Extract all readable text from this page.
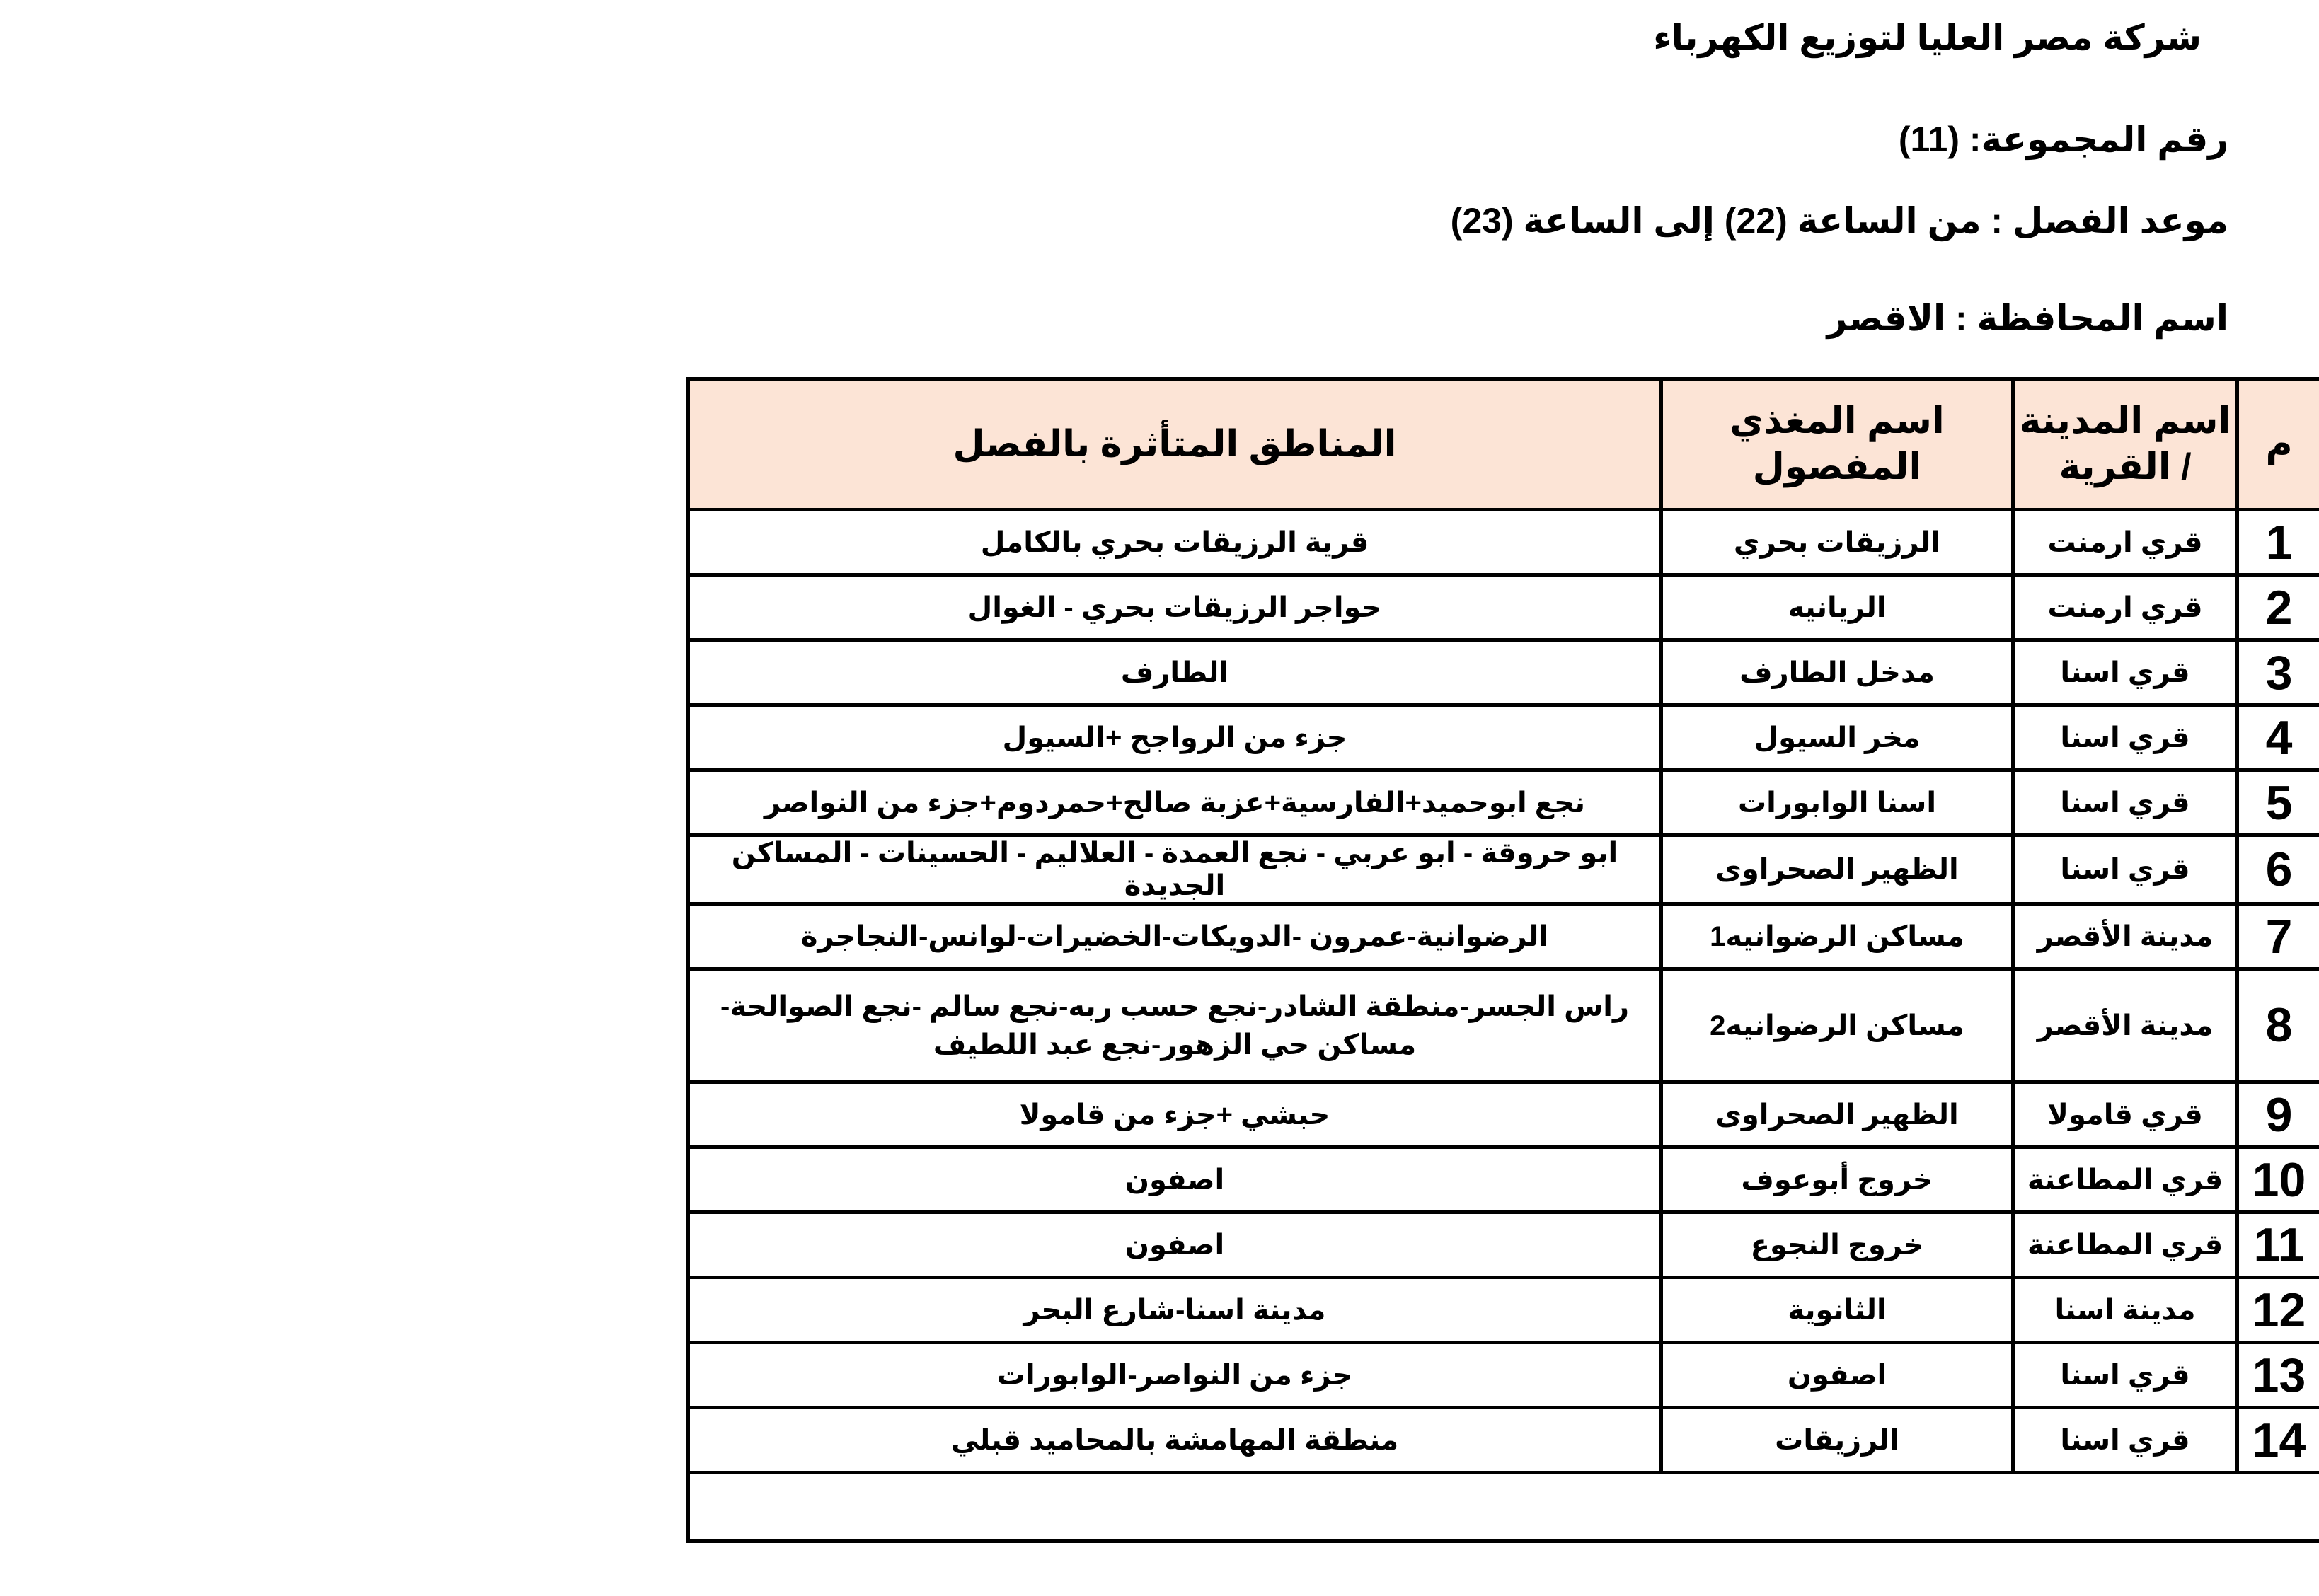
شركة مصر العليا لتوزيع الكهرباء
رقم المجموعة: (11)
موعد الفصل : من الساعة (22) إلى الساعة (23)
اسم المحافظة : الاقصر
م	اسم المدينة / القرية	اسم المغذي المفصول	المناطق المتأثرة بالفصل
1	قري ارمنت	الرزيقات بحري	قرية الرزيقات بحري بالكامل
2	قري ارمنت	الريانيه	حواجر الرزيقات بحري - الغوال
3	قري اسنا	مدخل الطارف	الطارف
4	قري اسنا	مخر السيول	جزء من الرواجح +السيول
5	قري اسنا	اسنا الوابورات	نجع ابوحميد+الفارسية+عزبة صالح+حمردوم+جزء من النواصر
6	قري اسنا	الظهير الصحراوى	ابو حروقة - ابو عربي - نجع العمدة - العلاليم - الحسينات - المساكن الجديدة
7	مدينة الأقصر	مساكن الرضوانيه1	الرضوانية-عمرون -الدويكات-الخضيرات-لوانس-النجاجرة
8	مدينة الأقصر	مساكن الرضوانيه2	راس الجسر-منطقة الشادر-نجع حسب ربه-نجع سالم -نجع الصوالحة-مساكن حي الزهور-نجع عبد اللطيف
9	قري قامولا	الظهير الصحراوى	حبشي +جزء من قامولا
10	قري المطاعنة	خروج أبوعوف	اصفون
11	قري المطاعنة	خروج النجوع	اصفون
12	مدينة اسنا	الثانوية	مدينة اسنا-شارع البحر
13	قري اسنا	اصفون	جزء من النواصر-الوابورات
14	قري اسنا	الرزيقات	منطقة المهامشة بالمحاميد قبلي
